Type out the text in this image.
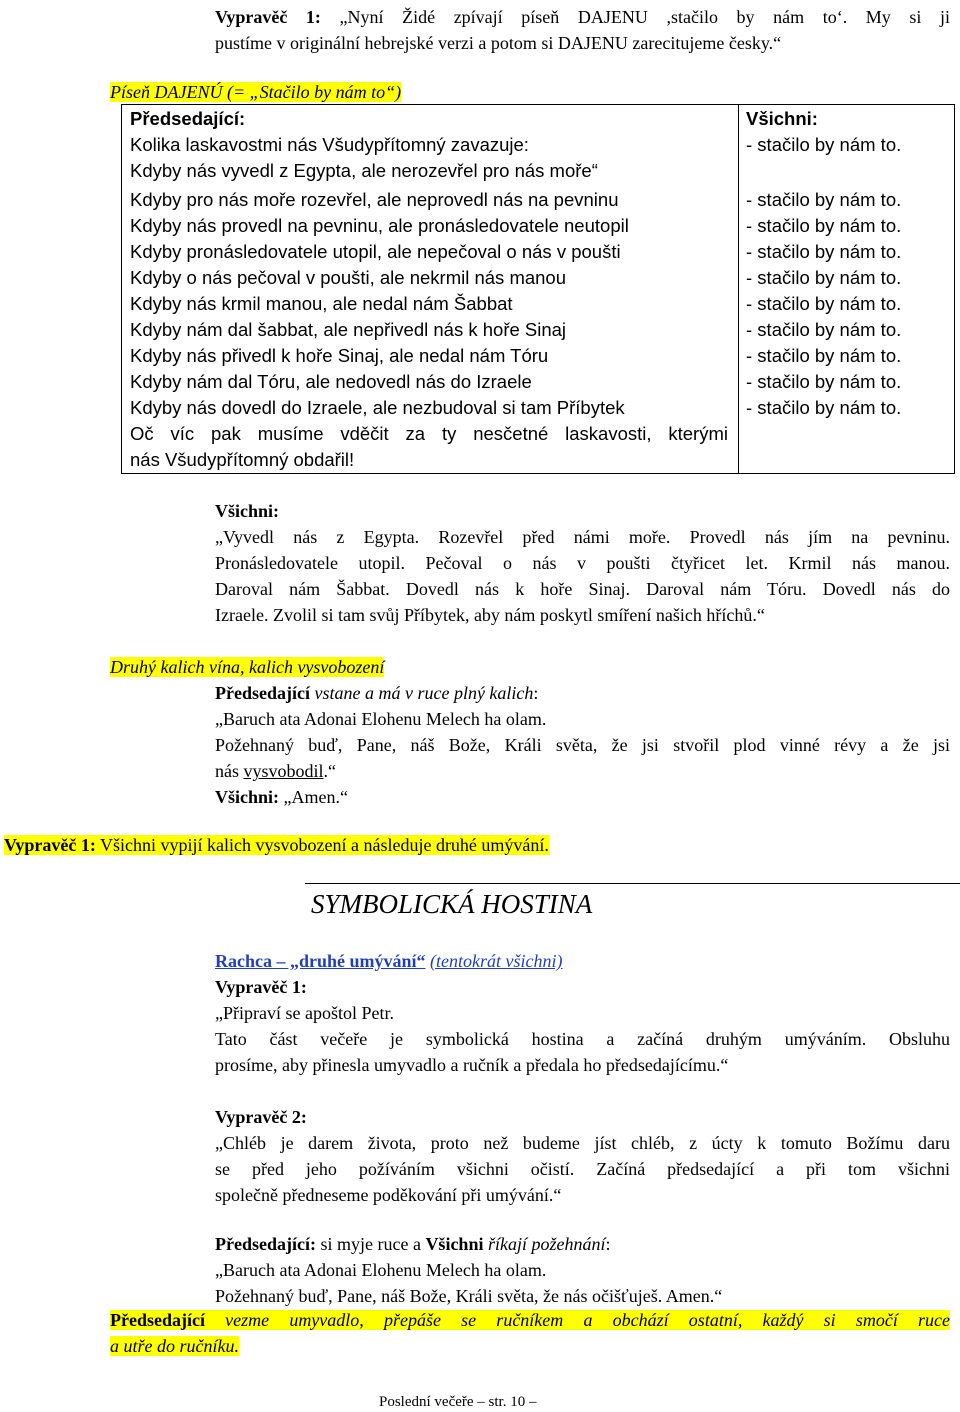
Vypravěč 1: „Nyní Židé zpívají píseň DAJENU ,stačilo by nám to‘. My si ji

pustíme v originální hebrejské verzi a potom si DAJENU zarecitujeme česky.“

Píseň DAJENÚ (= „Stačilo by nám to“)
Předsedající:	Všichni:
Kolika laskavostmi nás Všudypřítomný zavazuje:	- stačilo by nám to.
Kdyby nás vyvedl z Egypta, ale nerozevřel pro nás moře“
Kdyby pro nás moře rozevřel, ale neprovedl nás na pevninu	- stačilo by nám to.
Kdyby nás provedl na pevninu, ale pronásledovatele neutopil	- stačilo by nám to.
Kdyby pronásledovatele utopil, ale nepečoval o nás v poušti	- stačilo by nám to.
Kdyby o nás pečoval v poušti, ale nekrmil nás manou	- stačilo by nám to.
Kdyby nás krmil manou, ale nedal nám Šabbat	- stačilo by nám to.
Kdyby nám dal šabbat, ale nepřivedl nás k hoře Sinaj	- stačilo by nám to.
Kdyby nás přivedl k hoře Sinaj, ale nedal nám Tóru	- stačilo by nám to.
Kdyby nám dal Tóru, ale nedovedl nás do Izraele	- stačilo by nám to.
Kdyby nás dovedl do Izraele, ale nezbudoval si tam Příbytek	- stačilo by nám to.

Oč víc pak musíme vděčit za ty nesčetné laskavosti, kterými

nás Všudypřítomný obdařil!

Všichni:

„Vyvedl nás z Egypta. Rozevřel před námi moře. Provedl nás jím na pevninu.

Pronásledovatele utopil. Pečoval o nás v poušti čtyřicet let. Krmil nás manou.

Daroval nám Šabbat. Dovedl nás k hoře Sinaj. Daroval nám Tóru. Dovedl nás do

Izraele. Zvolil si tam svůj Příbytek, aby nám poskytl smíření našich hříchů.“

Druhý kalich vína, kalich vysvobození

Předsedající vstane a má v ruce plný kalich:

„Baruch ata Adonai Elohenu Melech ha olam.

Požehnaný buď, Pane, náš Bože, Králi světa, že jsi stvořil plod vinné révy a že jsi

nás vysvobodil.“

Všichni: „Amen.“

Vypravěč 1: Všichni vypijí kalich vysvobození a následuje druhé umývání.
SYMBOLICKÁ HOSTINA

Rachca – „druhé umývání“ (tentokrát všichni)

Vypravěč 1:

„Připraví se apoštol Petr.

Tato část večeře je symbolická hostina a začíná druhým umýváním. Obsluhu

prosíme, aby přinesla umyvadlo a ručník a předala ho předsedajícímu.“

Vypravěč 2:

„Chléb je darem života, proto než budeme jíst chléb, z úcty k tomuto Božímu daru

se před jeho požíváním všichni očistí. Začíná předsedající a při tom všichni

společně předneseme poděkování při umývání.“

Předsedající: si myje ruce a Všichni říkají požehnání:

„Baruch ata Adonai Elohenu Melech ha olam.

Požehnaný buď, Pane, náš Bože, Králi světa, že nás očišťuješ. Amen.“

Předsedající vezme umyvadlo, přepáše se ručníkem a obchází ostatní, každý si smočí ruce

a utře do ručníku.

Poslední večeře – str. 10 –
